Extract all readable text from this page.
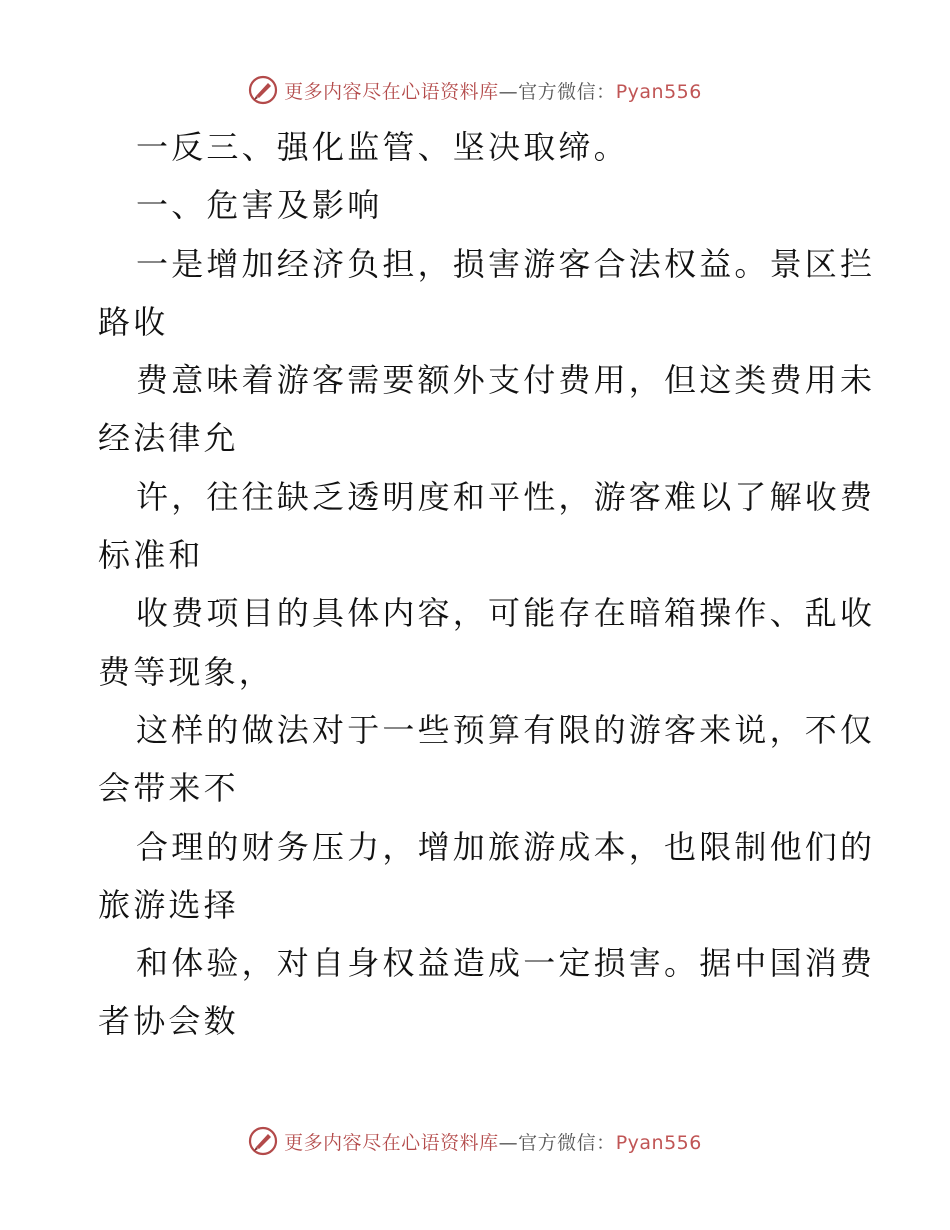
更多内容尽在心语资料库—官方微信：Pyan556
一反三、强化监管、坚决取缔。
一、危害及影响
一是增加经济负担，损害游客合法权益。景区拦
路收
费意味着游客需要额外支付费用，但这类费用未
经法律允
许，往往缺乏透明度和平性，游客难以了解收费
标准和
收费项目的具体内容，可能存在暗箱操作、乱收
费等现象，
这样的做法对于一些预算有限的游客来说，不仅
会带来不
合理的财务压力，增加旅游成本，也限制他们的
旅游选择
和体验，对自身权益造成一定损害。据中国消费
者协会数
更多内容尽在心语资料库—官方微信：Pyan556
